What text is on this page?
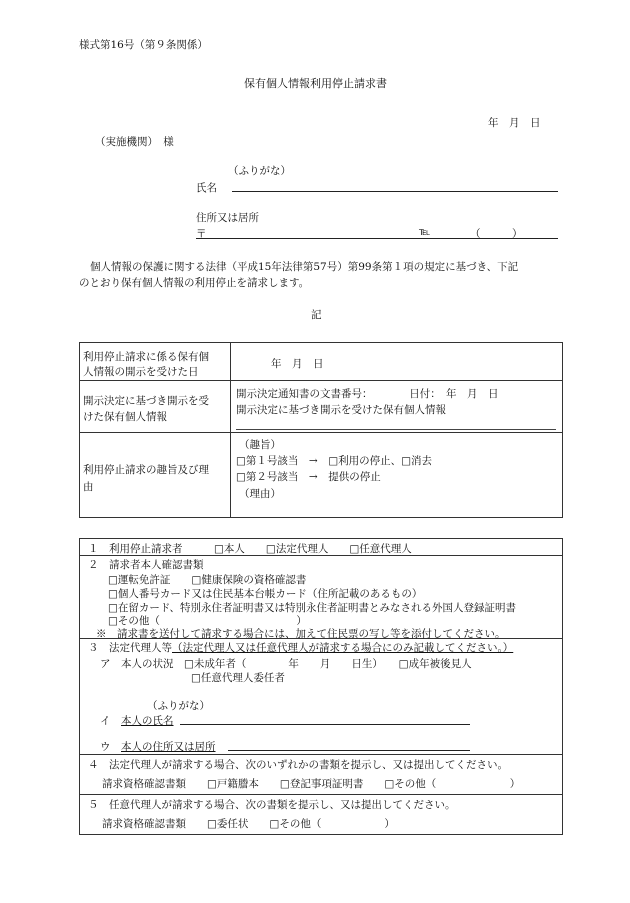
様式第16号（第９条関係）
保有個人情報利用停止請求書
年　月　日
（実施機関）　様
（ふりがな）
氏名
住所又は居所
〒	℡	（　　　）
個人情報の保護に関する法律（平成15年法律第57号）第99条第１項の規定に基づき、下記
のとおり保有個人情報の利用停止を請求します。
記
利用停止請求に係る保有個
人情報の開示を受けた日
年　月　日
開示決定に基づき開示を受
けた保有個人情報
開示決定通知書の文書番号：　　　　日付：　年　月　日
開示決定に基づき開示を受けた保有個人情報
利用停止請求の趣旨及び理
由
（趣旨）
□第１号該当　→　□利用の停止、□消去
□第２号該当　→　提供の停止
（理由）
１　利用停止請求者　　　□本人　　□法定代理人　　□任意代理人
２　請求者本人確認書類
□運転免許証　　□健康保険の資格確認書
□個人番号カード又は住民基本台帳カード（住所記載のあるもの）
□在留カード、特別永住者証明書又は特別永住者証明書とみなされる外国人登録証明書
□その他（　　　　　　　　　　　　　）
※　請求書を送付して請求する場合には、加えて住民票の写し等を添付してください。
３　法定代理人等（法定代理人又は任意代理人が請求する場合にのみ記載してください。）
ア　本人の状況　□未成年者（　　　　年　　月　　日生）　　□成年被後見人
□任意代理人委任者
（ふりがな）
イ　本人の氏名
ウ　本人の住所又は居所
４　法定代理人が請求する場合、次のいずれかの書類を提示し、又は提出してください。
請求資格確認書類　　□戸籍謄本　　□登記事項証明書　　□その他（　　　　　　　）
５　任意代理人が請求する場合、次の書類を提示し、又は提出してください。
請求資格確認書類　　□委任状　　□その他（　　　　　　）
